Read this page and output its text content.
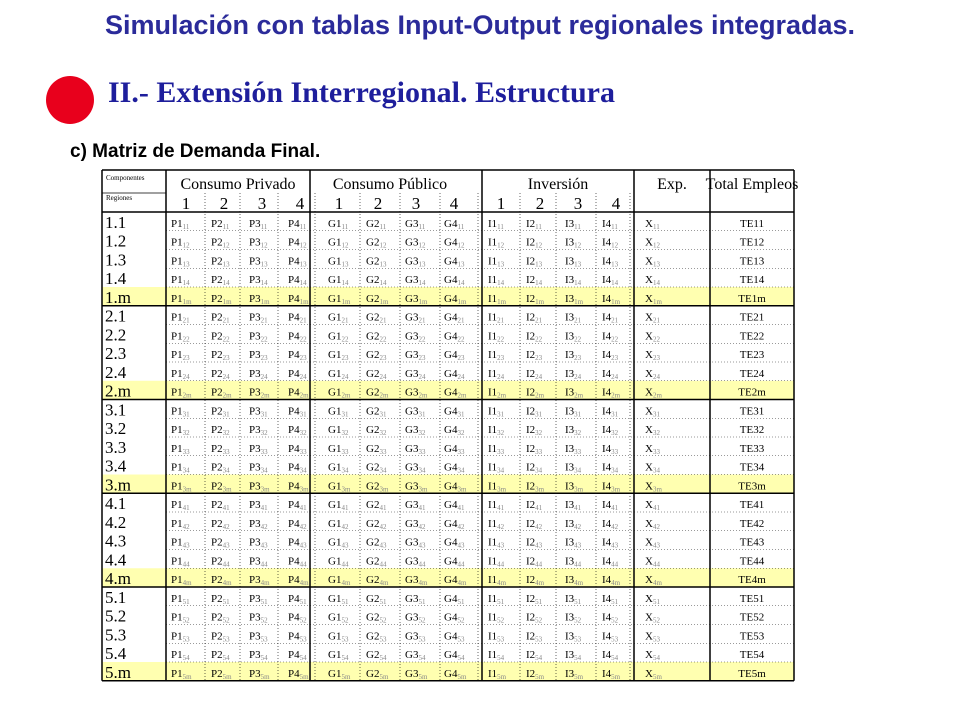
Simulación con tablas Input-Output regionales integradas.
II.- Extensión Interregional. Estructura

c) Matriz de Demanda Final.

Componentes
Regiones
Consumo Privado Consumo Público	Inversión	Exp. Total Empleos
1 2 3 4 1 2 3 4 1 2 3 4
1.1	P111 P211 P311 P411 G111 G211 G311 G411 I111 I211 I311 I411 X11	TE11
1.2	P112 P212 P312 P412 G112 G212 G312 G412 I112 I212 I312 I412 X12	TE12
1.3	P113 P213 P313 P413 G113 G213 G313 G413 I113 I213 I313 I413 X13	TE13
1.4	P114 P214 P314 P414 G114 G214 G314 G414 I114 I214 I314 I414 X14	TE14
1.m	P11m P21m P31m P41m G11m G21m G31m G41m I11m I21m I31m I41m X1m	TE1m
2.1	P121 P221 P321 P421 G121 G221 G321 G421 I121 I221 I321 I421 X21	TE21
2.2	P122 P222 P322 P422 G122 G222 G322 G422 I122 I222 I322 I422 X22	TE22
2.3	P123 P223 P323 P423 G123 G223 G323 G423 I123 I223 I323 I423 X23	TE23
2.4	P124 P224 P324 P424 G124 G224 G324 G424 I124 I224 I324 I424 X24	TE24
2.m	P12m P22m P32m P42m G12m G22m G32m G42m I12m I22m I32m I42m X2m	TE2m
3.1	P131 P231 P331 P431 G131 G231 G331 G431 I131 I231 I331 I431 X31	TE31
3.2	P132 P232 P332 P432 G132 G232 G332 G432 I132 I232 I332 I432 X32	TE32
3.3	P133 P233 P333 P433 G133 G233 G333 G433 I133 I233 I333 I433 X33	TE33
3.4	P134 P234 P334 P434 G134 G234 G334 G434 I134 I234 I334 I434 X34	TE34
3.m	P13m P23m P33m P43m G13m G23m G33m G43m I13m I23m I33m I43m X3m	TE3m
4.1	P141 P241 P341 P441 G141 G241 G341 G441 I141 I241 I341 I441 X41	TE41
4.2	P142 P242 P342 P442 G142 G242 G342 G442 I142 I242 I342 I442 X42	TE42
4.3	P143 P243 P343 P443 G143 G243 G343 G443 I143 I243 I343 I443 X43	TE43
4.4	P144 P244 P344 P444 G144 G244 G344 G444 I144 I244 I344 I444 X44	TE44
4.m	P14m P24m P34m P44m G14m G24m G34m G44m I14m I24m I34m I44m X4m	TE4m
5.1	P151 P251 P351 P451 G151 G251 G351 G451 I151 I251 I351 I451 X51	TE51
5.2	P152 P252 P352 P452 G152 G252 G352 G452 I152 I252 I352 I452 X52	TE52
5.3	P153 P253 P353 P453 G153 G253 G353 G453 I153 I253 I353 I453 X53	TE53
5.4	P154 P254 P354 P454 G154 G254 G354 G454 I154 I254 I354 I454 X54	TE54
5.m	P15m P25m P35m P45m G15m G25m G35m G45m I15m I25m I35m I45m X5m	TE5m
